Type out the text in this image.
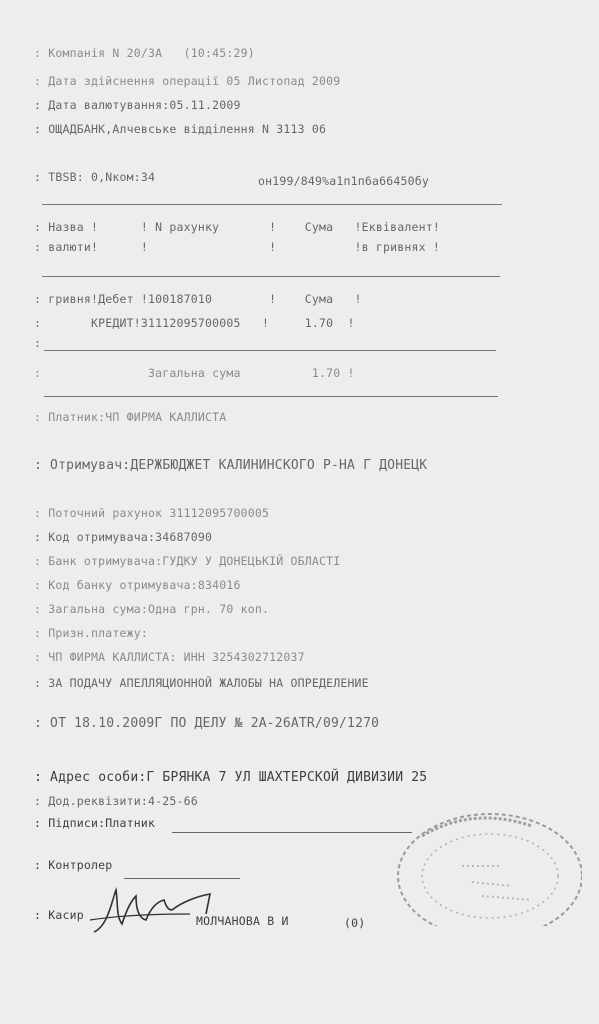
: Компанiя N 20/3А   (10:45:29)
: Дата здiйснення операцiї 05 Листопад 2009
: Дата валютування:05.11.2009
: ОЩАДБАНК,Алчевське вiддiлення N 3113 06
: ТВSВ: 0,Nком:34	он199/849%а1п1п6а66450бу
: Назва !      ! N рахунку       !    Сума   !Еквiвалент!
: валюти!      !                 !           !в гривнях !
: гривня!Дебет !100187010        !    Сума   !
:       КРЕДИТ!31112095700005   !     1.70  !
:
:               Загальна сума          1.70 !
: Платник:ЧП ФИРМА КАЛЛИСТА
: Отримувач:ДЕРЖБЮДЖЕТ КАЛИНИНСКОГО Р-НА Г ДОНЕЦК
: Поточний рахунок 31112095700005
: Код отримувача:34687090
: Банк отримувача:ГУДКУ У ДОНЕЦЬКIЙ ОБЛАСТI
: Код банку отримувача:834016
: Загальна сума:Одна грн. 70 коп.
: Призн.платежу:
: ЧП ФИРМА КАЛЛИСТА: ИНН 3254302712037
: ЗА ПОДАЧУ АПЕЛЛЯЦИОННОЙ ЖАЛОБЫ НА ОПРЕДЕЛЕНИЕ
: ОТ 18.10.2009Г ПО ДЕЛУ № 2А-26АТR/09/1270
: Адрес особи:Г БРЯНКА 7 УЛ ШАХТЕРСКОЙ ДИВИЗИИ 25
: Дод.реквiзити:4-25-66
: Пiдписи:Платник
: Контролер
: Касир	МОЛЧАНОВА В И	(0)
